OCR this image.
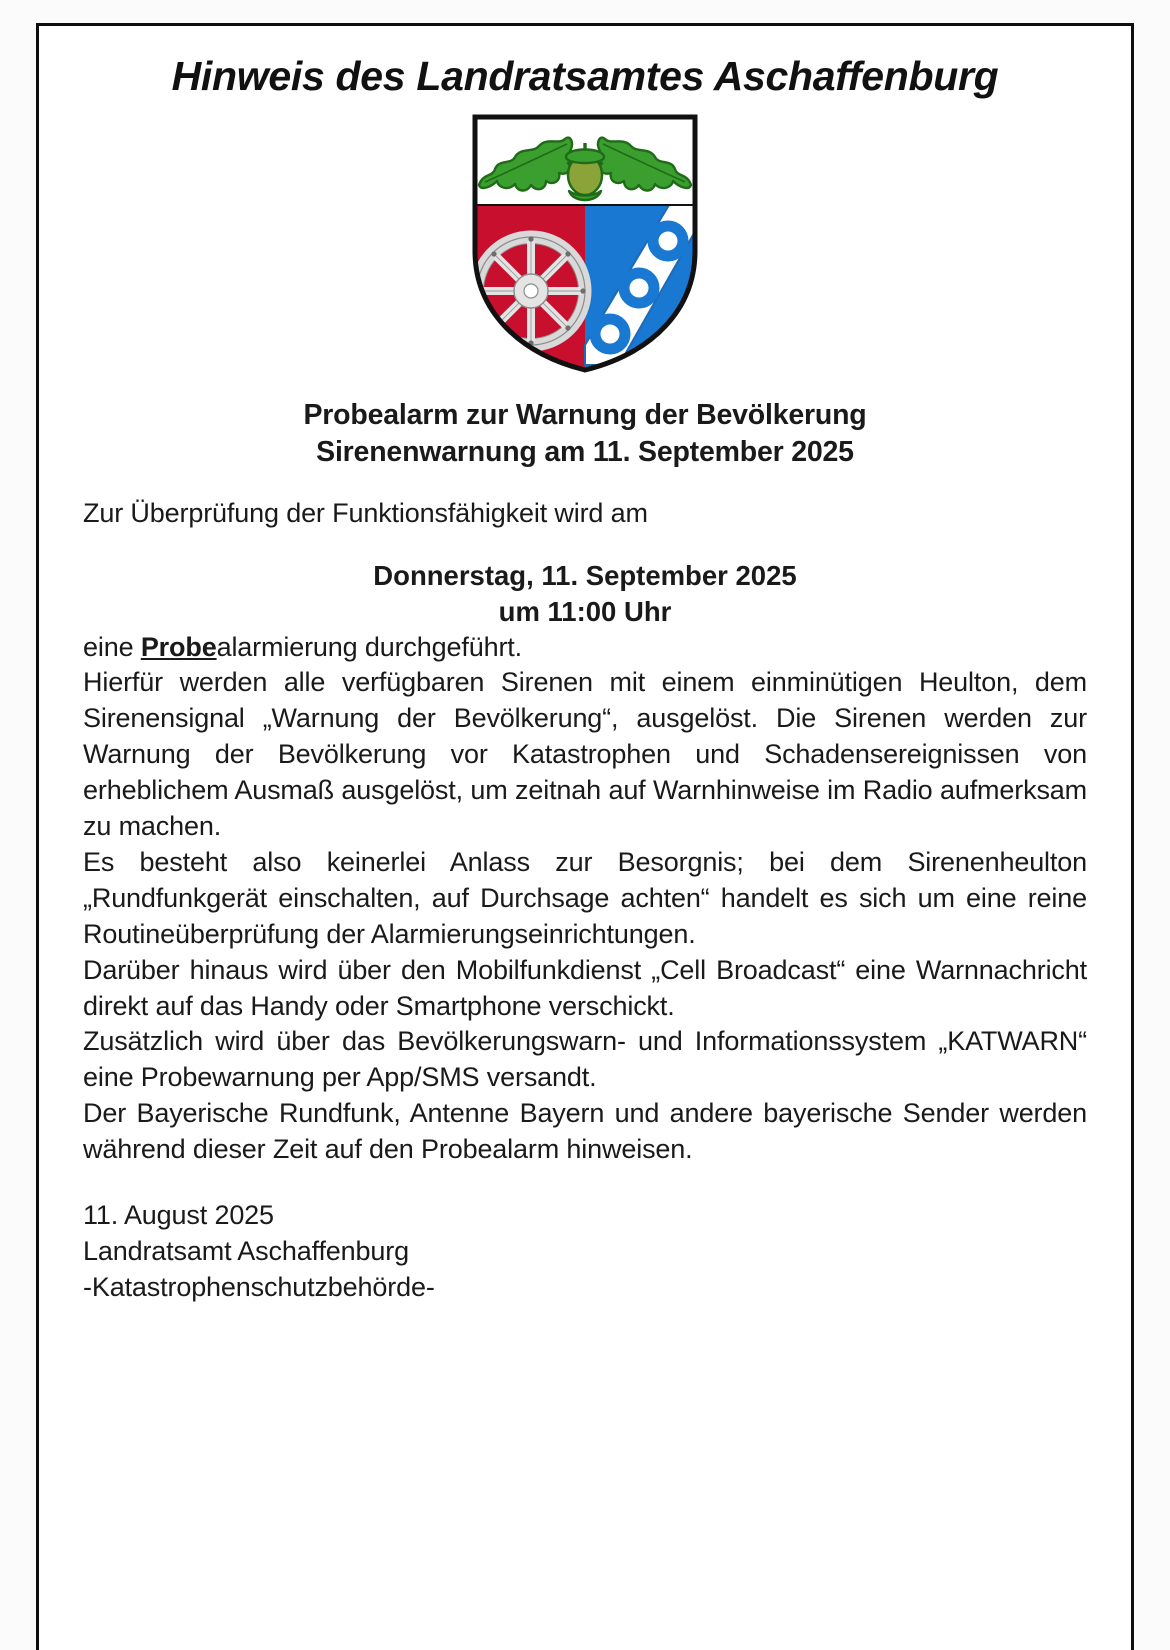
Hinweis des Landratsamtes Aschaffenburg
Probealarm zur Warnung der Bevölkerung
Sirenenwarnung am 11. September 2025

Zur Überprüfung der Funktionsfähigkeit wird am

Donnerstag, 11. September 2025
um 11:00 Uhr

eine Probealarmierung durchgeführt.

Hierfür werden alle verfügbaren Sirenen mit einem einminütigen Heulton, dem Sirenensignal „Warnung der Bevölkerung“, ausgelöst. Die Sirenen werden zur Warnung der Bevölkerung vor Katastrophen und Schadensereignissen von erheblichem Ausmaß ausgelöst, um zeitnah auf Warnhinweise im Radio aufmerksam zu machen.

Es besteht also keinerlei Anlass zur Besorgnis; bei dem Sirenenheulton „Rundfunkgerät einschalten, auf Durchsage achten“ handelt es sich um eine reine Routineüberprüfung der Alarmierungseinrichtungen.

Darüber hinaus wird über den Mobilfunkdienst „Cell Broadcast“ eine Warnnachricht direkt auf das Handy oder Smartphone verschickt.

Zusätzlich wird über das Bevölkerungswarn- und Informationssystem „KATWARN“ eine Probewarnung per App/SMS versandt.

Der Bayerische Rundfunk, Antenne Bayern und andere bayerische Sender werden während dieser Zeit auf den Probealarm hinweisen.

11. August 2025
Landratsamt Aschaffenburg
-Katastrophenschutzbehörde-
